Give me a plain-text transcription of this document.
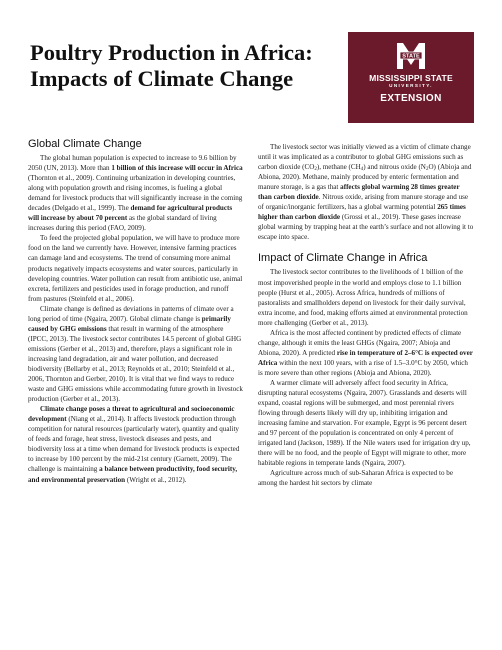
Poultry Production in Africa: Impacts of Climate Change
STATE
MISSISSIPPI STATE
UNIVERSITY.
EXTENSION
Global Climate Change

The global human population is expected to increase to 9.6 billion by 2050 (UN, 2013). More than 1 billion of this increase will occur in Africa (Thornton et al., 2009). Continuing urbanization in developing countries, along with population growth and rising incomes, is fueling a global demand for livestock products that will significantly increase in the coming decades (Delgado et al., 1999). The demand for agricultural products will increase by about 70 percent as the global standard of living increases during this period (FAO, 2009).

To feed the projected global population, we will have to produce more food on the land we currently have. However, intensive farming practices can damage land and ecosystems. The trend of consuming more animal products negatively impacts ecosystems and water sources, particularly in developing countries. Water pollution can result from antibiotic use, animal excreta, fertilizers and pesticides used in forage production, and runoff from pastures (Steinfeld et al., 2006).

Climate change is defined as deviations in patterns of climate over a long period of time (Ngaira, 2007). Global climate change is primarily caused by GHG emissions that result in warming of the atmosphere (IPCC, 2013). The livestock sector contributes 14.5 percent of global GHG emissions (Gerber et al., 2013) and, therefore, plays a significant role in increasing land degradation, air and water pollution, and decreased biodiversity (Bellarby et al., 2013; Reynolds et al., 2010; Steinfeld et al., 2006, Thornton and Gerber, 2010). It is vital that we find ways to reduce waste and GHG emissions while accommodating future growth in livestock production (Gerber et al., 2013).

Climate change poses a threat to agricultural and socioeconomic development (Niang et al., 2014). It affects livestock production through competition for natural resources (particularly water), quantity and quality of feeds and forage, heat stress, livestock diseases and pests, and biodiversity loss at a time when demand for livestock products is expected to increase by 100 percent by the mid-21st century (Garnett, 2009). The challenge is maintaining a balance between productivity, food security, and environmental preservation (Wright et al., 2012).

The livestock sector was initially viewed as a victim of climate change until it was implicated as a contributor to global GHG emissions such as carbon dioxide $(CO_2)$, methane $(CH_4)$ and nitrous oxide $(N_2O)$ (Abioja and Abiona, 2020). Methane, mainly produced by enteric fermentation and manure storage, is a gas that affects global warming 28 times greater than carbon dioxide. Nitrous oxide, arising from manure storage and use of organic/inorganic fertilizers, has a global warming potential 265 times higher than carbon dioxide (Grossi et al., 2019). These gases increase global warming by trapping heat at the earth’s surface and not allowing it to escape into space.

Impact of Climate Change in Africa

The livestock sector contributes to the livelihoods of 1 billion of the most impoverished people in the world and employs close to 1.1 billion people (Hurst et al., 2005). Across Africa, hundreds of millions of pastoralists and smallholders depend on livestock for their daily survival, extra income, and food, making efforts aimed at environmental protection more challenging (Gerber et al., 2013).

Africa is the most affected continent by predicted effects of climate change, although it emits the least GHGs (Ngaira, 2007; Abioja and Abiona, 2020). A predicted rise in temperature of 2–6°C is expected over Africa within the next 100 years, with a rise of 1.5–3.0°C by 2050, which is more severe than other regions (Abioja and Abiona, 2020).

A warmer climate will adversely affect food security in Africa, disrupting natural ecosystems (Ngaira, 2007). Grasslands and deserts will expand, coastal regions will be submerged, and most perennial rivers flowing through deserts likely will dry up, inhibiting irrigation and increasing famine and starvation. For example, Egypt is 96 percent desert and 97 percent of the population is concentrated on only 4 percent of irrigated land (Jackson, 1989). If the Nile waters used for irrigation dry up, there will be no food, and the people of Egypt will migrate to other, more habitable regions in temperate lands (Ngaira, 2007).

Agriculture across much of sub-Saharan Africa is expected to be among the hardest hit sectors by climate
